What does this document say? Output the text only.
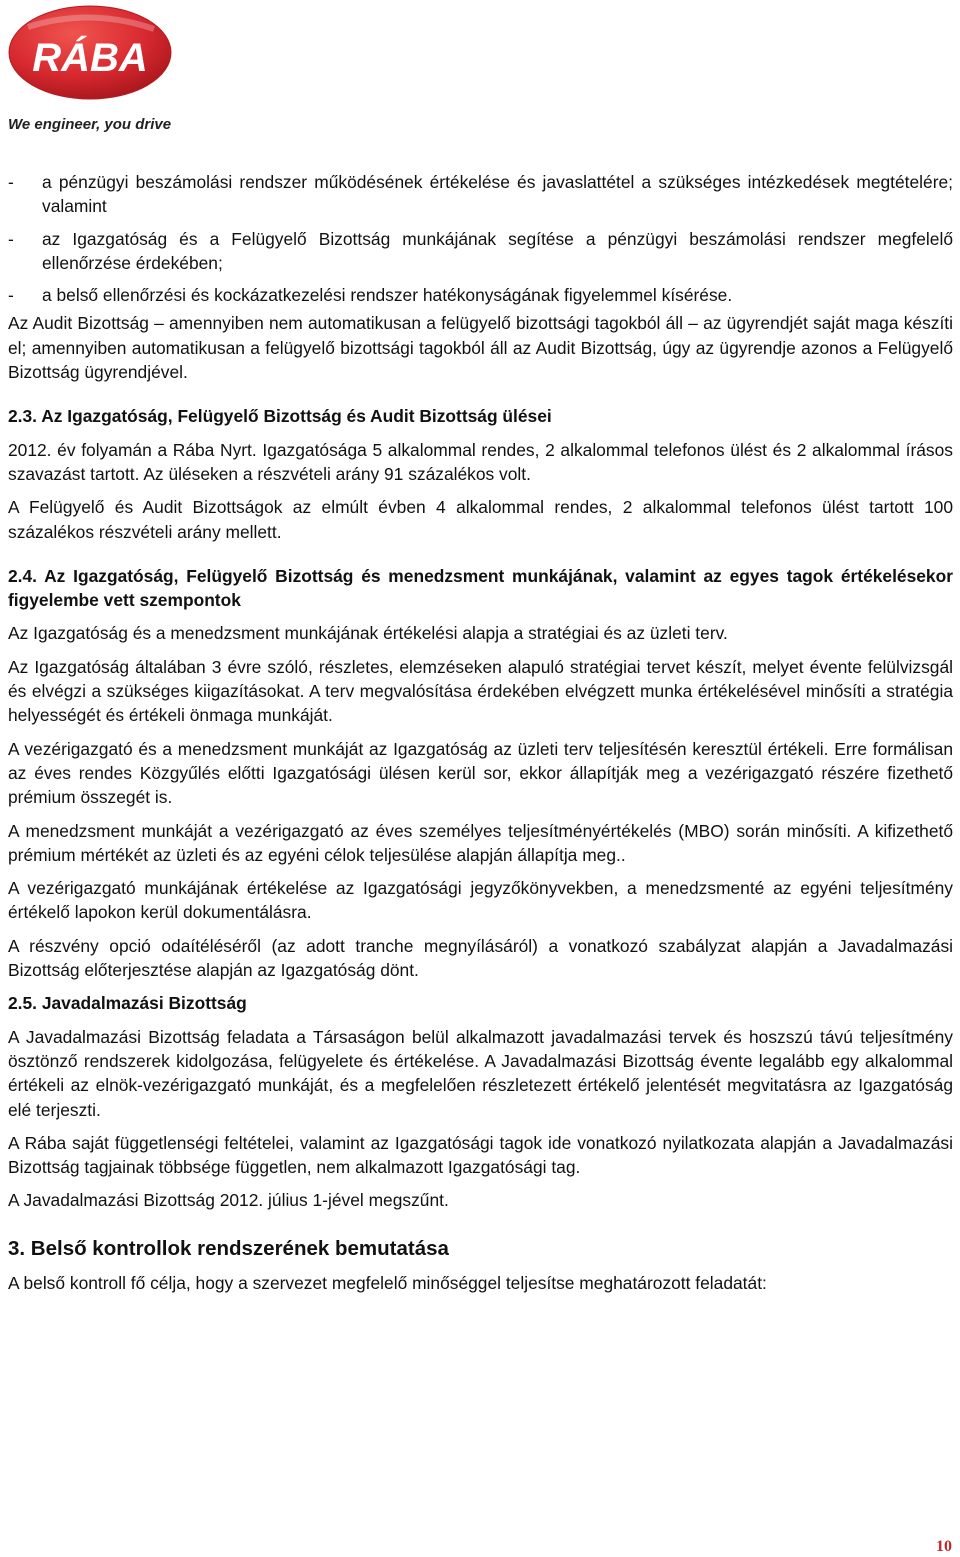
RÁBA
We engineer, you drive
-	a pénzügyi beszámolási rendszer működésének értékelése és javaslattétel a szükséges intézkedések megtételére; valamint
-	az Igazgatóság és a Felügyelő Bizottság munkájának segítése a pénzügyi beszámolási rendszer megfelelő ellenőrzése érdekében;
-	a belső ellenőrzési és kockázatkezelési rendszer hatékonyságának figyelemmel kísérése.

Az Audit Bizottság – amennyiben nem automatikusan a felügyelő bizottsági tagokból áll – az ügyrendjét saját maga készíti el; amennyiben automatikusan a felügyelő bizottsági tagokból áll az Audit Bizottság, úgy az ügyrendje azonos a Felügyelő Bizottság ügyrendjével.

2.3. Az Igazgatóság, Felügyelő Bizottság és Audit Bizottság ülései

2012. év folyamán a Rába Nyrt. Igazgatósága 5 alkalommal rendes, 2 alkalommal telefonos ülést és 2 alkalommal írásos szavazást tartott. Az üléseken a részvételi arány 91 százalékos volt.

A Felügyelő és Audit Bizottságok az elmúlt évben 4 alkalommal rendes, 2 alkalommal telefonos ülést tartott 100 százalékos részvételi arány mellett.

2.4. Az Igazgatóság, Felügyelő Bizottság és menedzsment munkájának, valamint az egyes tagok értékelésekor figyelembe vett szempontok

Az Igazgatóság és a menedzsment munkájának értékelési alapja a stratégiai és az üzleti terv.

Az Igazgatóság általában 3 évre szóló, részletes, elemzéseken alapuló stratégiai tervet készít, melyet évente felülvizsgál és elvégzi a szükséges kiigazításokat. A terv megvalósítása érdekében elvégzett munka értékelésével minősíti a stratégia helyességét és értékeli önmaga munkáját.

A vezérigazgató és a menedzsment munkáját az Igazgatóság az üzleti terv teljesítésén keresztül értékeli. Erre formálisan az éves rendes Közgyűlés előtti Igazgatósági ülésen kerül sor, ekkor állapítják meg a vezérigazgató részére fizethető prémium összegét is.

A menedzsment munkáját a vezérigazgató az éves személyes teljesítményértékelés (MBO) során minősíti. A kifizethető prémium mértékét az üzleti és az egyéni célok teljesülése alapján állapítja meg..

A vezérigazgató munkájának értékelése az Igazgatósági jegyzőkönyvekben, a menedzsmenté az egyéni teljesítmény értékelő lapokon kerül dokumentálásra.

A részvény opció odaítéléséről (az adott tranche megnyílásáról) a vonatkozó szabályzat alapján a Javadalmazási Bizottság előterjesztése alapján az Igazgatóság dönt.

2.5. Javadalmazási Bizottság

A Javadalmazási Bizottság feladata a Társaságon belül alkalmazott javadalmazási tervek és hoszszú távú teljesítmény ösztönző rendszerek kidolgozása, felügyelete és értékelése. A Javadalmazási Bizottság évente legalább egy alkalommal értékeli az elnök-vezérigazgató munkáját, és a megfelelően részletezett értékelő jelentését megvitatásra az Igazgatóság elé terjeszti.

A Rába saját függetlenségi feltételei, valamint az Igazgatósági tagok ide vonatkozó nyilatkozata alapján a Javadalmazási Bizottság tagjainak többsége független, nem alkalmazott Igazgatósági tag.

A Javadalmazási Bizottság 2012. július 1-jével megszűnt.

3. Belső kontrollok rendszerének bemutatása

A belső kontroll fő célja, hogy a szervezet megfelelő minőséggel teljesítse meghatározott feladatát:

10
